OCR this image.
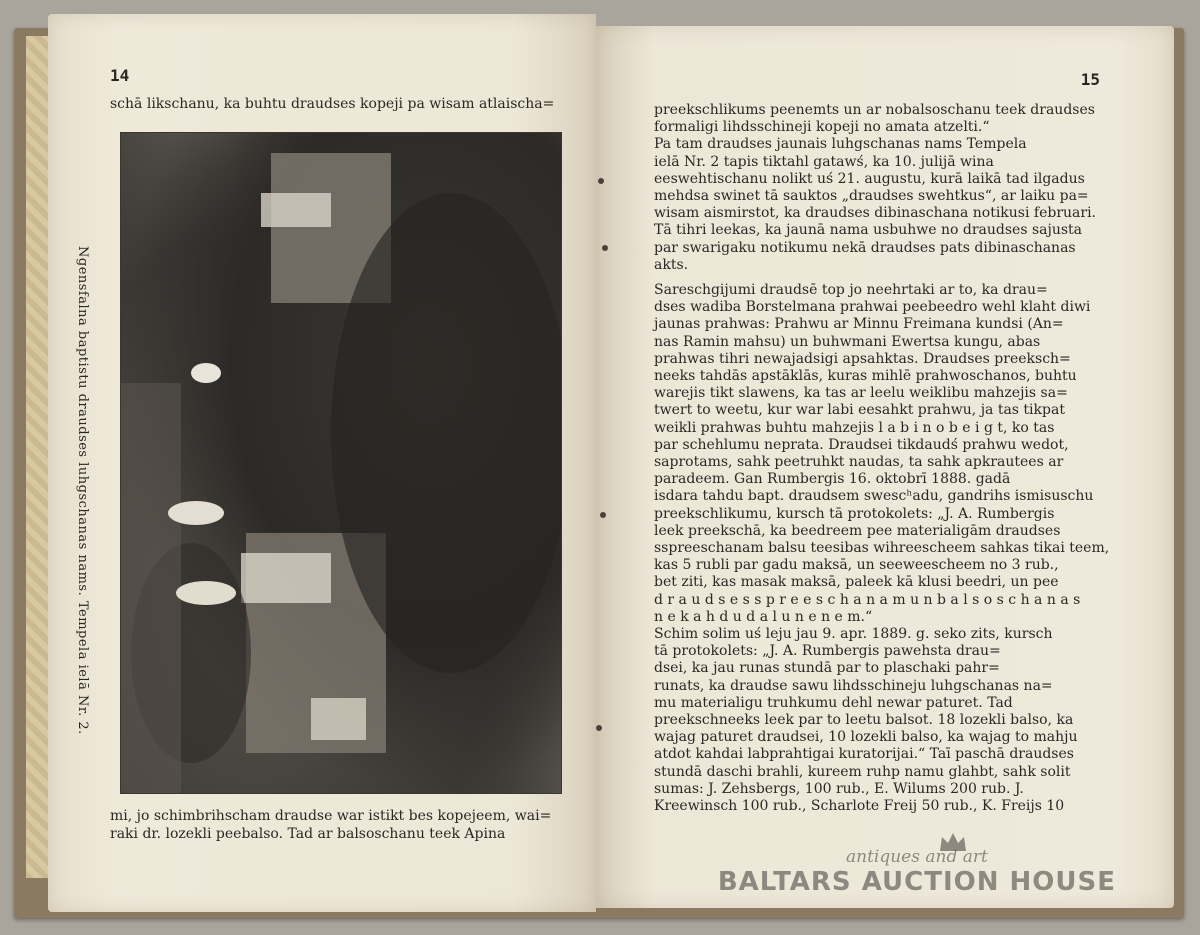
14
schā likschanu, ka buhtu draudses kopeji pa wisam atlaischa=
Ngensfalna baptistu draudses luhgschanas nams. Tempela ielā Nr. 2.
mi, jo schimbrihscham draudse war istikt bes kopejeem, wai=
raki dr. lozekli peebalso. Tad ar balsoschanu teek Apina
15
preekschlikums peenemts un ar nobalsoschanu teek draudses
formaligi lihdsschineji kopeji no amata atzelti.“
Pa tam draudses jaunais luhgschanas nams Tempela
ielā Nr. 2 tapis tiktahl gatawś, ka 10. julijā wina
eeswehtischanu nolikt uś 21. augustu, kurā laikā tad ilgadus
mehdsa swinet tā sauktos „draudses swehtkus“, ar laiku pa=
wisam aismirstot, ka draudses dibinaschana notikusi februari.
Tā tihri leekas, ka jaunā nama usbuhwe no draudses sajusta
par swarigaku notikumu nekā draudses pats dibinaschanas
akts.
Sareschgijumi draudsē top jo neehrtaki ar to, ka drau=
dses wadiba Borstelmana prahwai peebeedro wehl klaht diwi
jaunas prahwas: Prahwu ar Minnu Freimana kundsi (An=
nas Ramin mahsu) un buhwmani Ewertsa kungu, abas
prahwas tihri newajadsigi apsahktas. Draudses preeksch=
neeks tahdās apstāklās, kuras mihlē prahwoschanos, buhtu
warejis tikt slawens, ka tas ar leelu weiklibu mahzejis sa=
twert to weetu, kur war labi eesahkt prahwu, ja tas tikpat
weikli prahwas buhtu mahzejis l a b i n o b e i g t, ko tas
par schehlumu neprata. Draudsei tikdaudś prahwu wedot,
saprotams, sahk peetruhkt naudas, ta sahk apkrautees ar
paradeem. Gan Rumbergis 16. oktobrī 1888. gadā
isdara tahdu bapt. draudsem swescʰadu, gandrihs ismisuschu
preekschlikumu, kursch tā protokolets: „J. A. Rumbergis
leek preekschā, ka beedreem pee materialigām draudses
sspreeschanam balsu teesibas wihreescheem sahkas tikai teem,
kas 5 rubli par gadu maksā, un seeweescheem no 3 rub.,
bet ziti, kas masak maksā, paleek kā klusi beedri, un pee
d r a u d s e s s p r e e s c h a n a m u n b a l s o s c h a n a s
n e k a h d u d a l u n e n e m.“
Schim solim uś leju jau 9. apr. 1889. g. seko zits, kursch
tā protokolets: „J. A. Rumbergis pawehsta drau=
dsei, ka jau runas stundā par to plaschaki pahr=
runats, ka draudse sawu lihdsschineju luhgschanas na=
mu materialigu truhkumu dehl newar paturet. Tad
preekschneeks leek par to leetu balsot. 18 lozekli balso, ka
wajag paturet draudsei, 10 lozekli balso, ka wajag to mahju
atdot kahdai labprahtigai kuratorijai.“ Taī paschā draudses
stundā daschi brahli, kureem ruhp namu glahbt, sahk solit
sumas: J. Zehsbergs, 100 rub., E. Wilums 200 rub. J.
Kreewinsch 100 rub., Scharlote Freij 50 rub., K. Freijs 10
antiques and art
BALTARS AUCTION HOUSE
